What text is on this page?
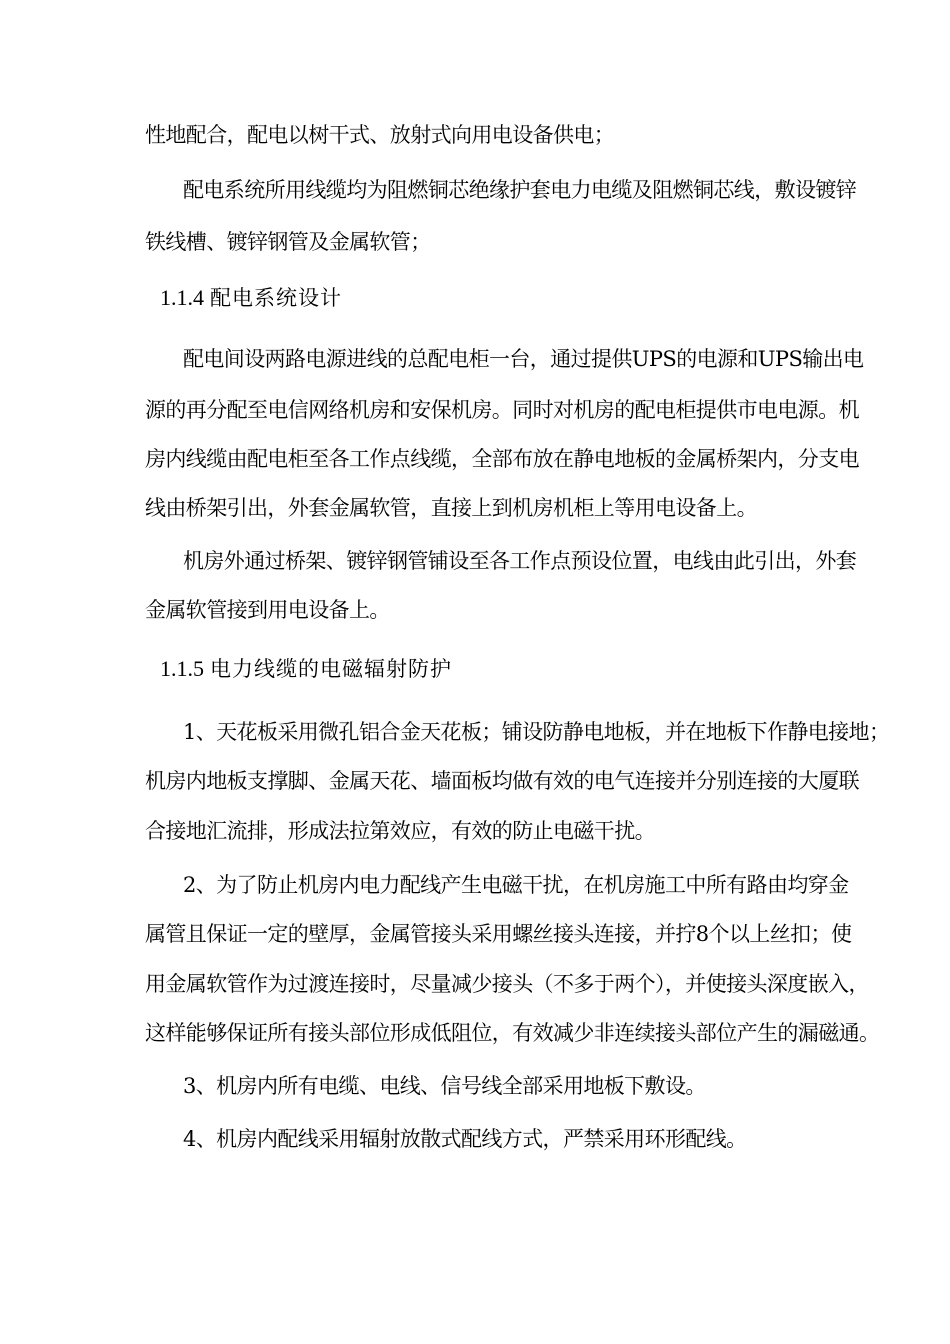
性地配合，配电以树干式、放射式向用电设备供电；
配电系统所用线缆均为阻燃铜芯绝缘护套电力电缆及阻燃铜芯线，敷设镀锌
铁线槽、镀锌钢管及金属软管；
1.1.4 配电系统设计
配电间设两路电源进线的总配电柜一台，通过提供UPS的电源和UPS输出电
源的再分配至电信网络机房和安保机房。同时对机房的配电柜提供市电电源。机
房内线缆由配电柜至各工作点线缆，全部布放在静电地板的金属桥架内，分支电
线由桥架引出，外套金属软管，直接上到机房机柜上等用电设备上。
机房外通过桥架、镀锌钢管铺设至各工作点预设位置，电线由此引出，外套
金属软管接到用电设备上。
1.1.5 电力线缆的电磁辐射防护
1、天花板采用微孔铝合金天花板；铺设防静电地板，并在地板下作静电接地；
机房内地板支撑脚、金属天花、墙面板均做有效的电气连接并分别连接的大厦联
合接地汇流排，形成法拉第效应，有效的防止电磁干扰。
2、为了防止机房内电力配线产生电磁干扰，在机房施工中所有路由均穿金
属管且保证一定的壁厚，金属管接头采用螺丝接头连接，并拧8个以上丝扣；使
用金属软管作为过渡连接时，尽量减少接头（不多于两个），并使接头深度嵌入，
这样能够保证所有接头部位形成低阻位，有效减少非连续接头部位产生的漏磁通。
3、机房内所有电缆、电线、信号线全部采用地板下敷设。
4、机房内配线采用辐射放散式配线方式，严禁采用环形配线。
